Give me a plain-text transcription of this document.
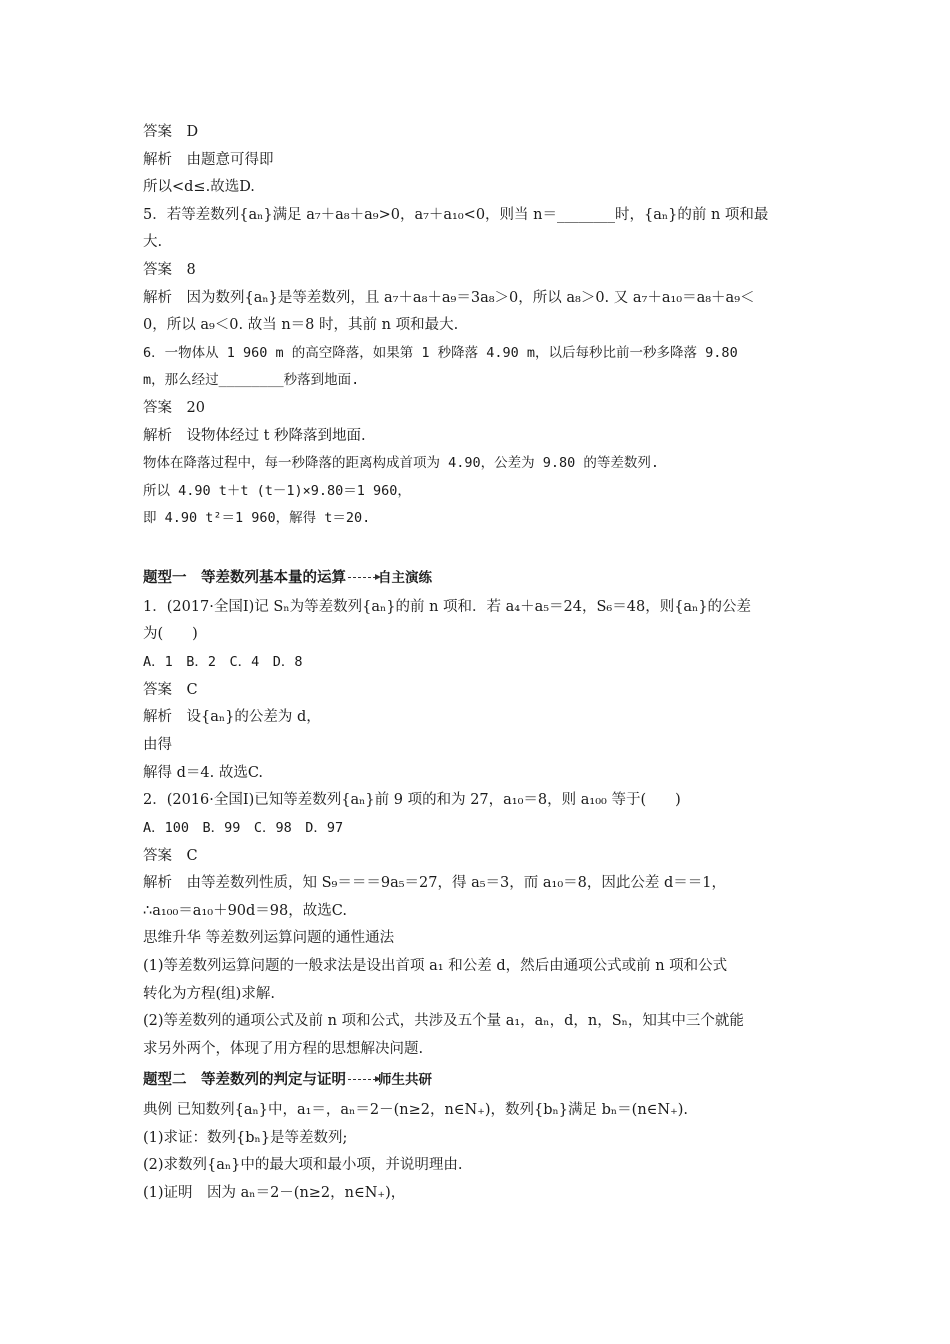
答案　D
解析　由题意可得即
所以<d≤.故选D.
5．若等差数列{aₙ}满足 a₇＋a₈＋a₉>0，a₇＋a₁₀<0，则当 n＝________时，{aₙ}的前 n 项和最
大.
答案　8
解析　因为数列{aₙ}是等差数列，且 a₇＋a₈＋a₉＝3a₈＞0，所以 a₈＞0. 又 a₇＋a₁₀＝a₈＋a₉＜
0，所以 a₉＜0. 故当 n＝8 时，其前 n 项和最大.
6．一物体从 1 960 m 的高空降落，如果第 1 秒降落 4.90 m，以后每秒比前一秒多降落 9.80
m，那么经过________秒落到地面.
答案　20
解析　设物体经过 t 秒降落到地面.
物体在降落过程中，每一秒降落的距离构成首项为 4.90，公差为 9.80 的等差数列.
所以 4.90 t＋t (t－1)×9.80＝1 960，
即 4.90 t²＝1 960，解得 t＝20.
题型一　等差数列基本量的运算 自主演练
1．(2017·全国Ⅰ)记 Sₙ为等差数列{aₙ}的前 n 项和．若 a₄＋a₅＝24，S₆＝48，则{aₙ}的公差
为(　　)
A．1　B．2　C．4　D．8
答案　C
解析　设{aₙ}的公差为 d，
由得
解得 d＝4. 故选C.
2．(2016·全国Ⅰ)已知等差数列{aₙ}前 9 项的和为 27，a₁₀＝8，则 a₁₀₀ 等于(　　)
A．100　B．99　C．98　D．97
答案　C
解析　由等差数列性质，知 S₉＝＝＝9a₅＝27，得 a₅＝3，而 a₁₀＝8，因此公差 d＝＝1，
∴a₁₀₀＝a₁₀＋90d＝98，故选C.
思维升华 等差数列运算问题的通性通法
(1)等差数列运算问题的一般求法是设出首项 a₁ 和公差 d，然后由通项公式或前 n 项和公式
转化为方程(组)求解.
(2)等差数列的通项公式及前 n 项和公式，共涉及五个量 a₁，aₙ，d，n，Sₙ，知其中三个就能
求另外两个，体现了用方程的思想解决问题.
题型二　等差数列的判定与证明 师生共研
典例 已知数列{aₙ}中，a₁＝，aₙ＝2－(n≥2，n∈N₊)，数列{bₙ}满足 bₙ＝(n∈N₊).
(1)求证：数列{bₙ}是等差数列;
(2)求数列{aₙ}中的最大项和最小项，并说明理由.
(1)证明　因为 aₙ＝2－(n≥2，n∈N₊)，
